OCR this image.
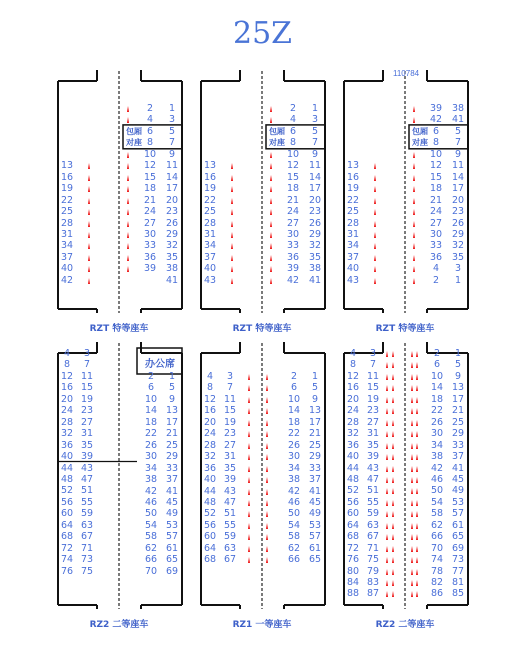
25Z
包厢
对座
2	1
4	3
6	5
8	7
10	9
12	11
15	14
18	17
21	20
24	23
27	26
30	29
33	32
36	35
39	38
41
13
16
19
22
25
28
31
34
37
40
42
RZT 特等座车
包厢
对座
2	1
4	3
6	5
8	7
10	9
12	11
15	14
18	17
21	20
24	23
27	26
30	29
33	32
36	35
39	38
42	41
13
16
19
22
25
28
31
34
37
40
43
RZT 特等座车
包厢
对座
39	38
42	41
6	5
8	7
10	9
12	11
15	14
18	17
21	20
24	23
27	26
30	29
33	32
36	35
4	3
2	1
13
16
19
22
25
28
31
34
37
40
43
110784
RZT 特等座车
办公席
4	3
8	7
12 11
16 15
20 19
24 23
28 27
32 31
36 35
40 39
44 43
48 47
52 51
56 55
60 59
64 63
68 67
72 71
74 73
76 75
2	1
6	5
10	9
14 13
18 17
22 21
26 25
30 29
34 33
38 37
42 41
46 45
50 49
54 53
58 57
62 61
66 65
70 69
RZ2 二等座车
4	3
8	7
12 11
16 15
20 19
24 23
28 27
32 31
36 35
40 39
44 43
48 47
52 51
56 55
60 59
64 63
68 67
2	1
6	5
10	9
14 13
18 17
22 21
26 25
30 29
34 33
38 37
42 41
46 45
50 49
54 53
58 57
62 61
66 65
RZ1 一等座车
4	3
8	7
12 11
16 15
20 19
24 23
28 27
32 31
36 35
40 39
44 43
48 47
52 51
56 55
60 59
64 63
68 67
72 71
76 75
80 79
84 83
88 87
2	1
6	5
10	9
14 13
18 17
22 21
26 25
30 29
34 33
38 37
42 41
46 45
50 49
54 53
58 57
62 61
66 65
70 69
74 73
78 77
82 81
86 85
RZ2 二等座车
